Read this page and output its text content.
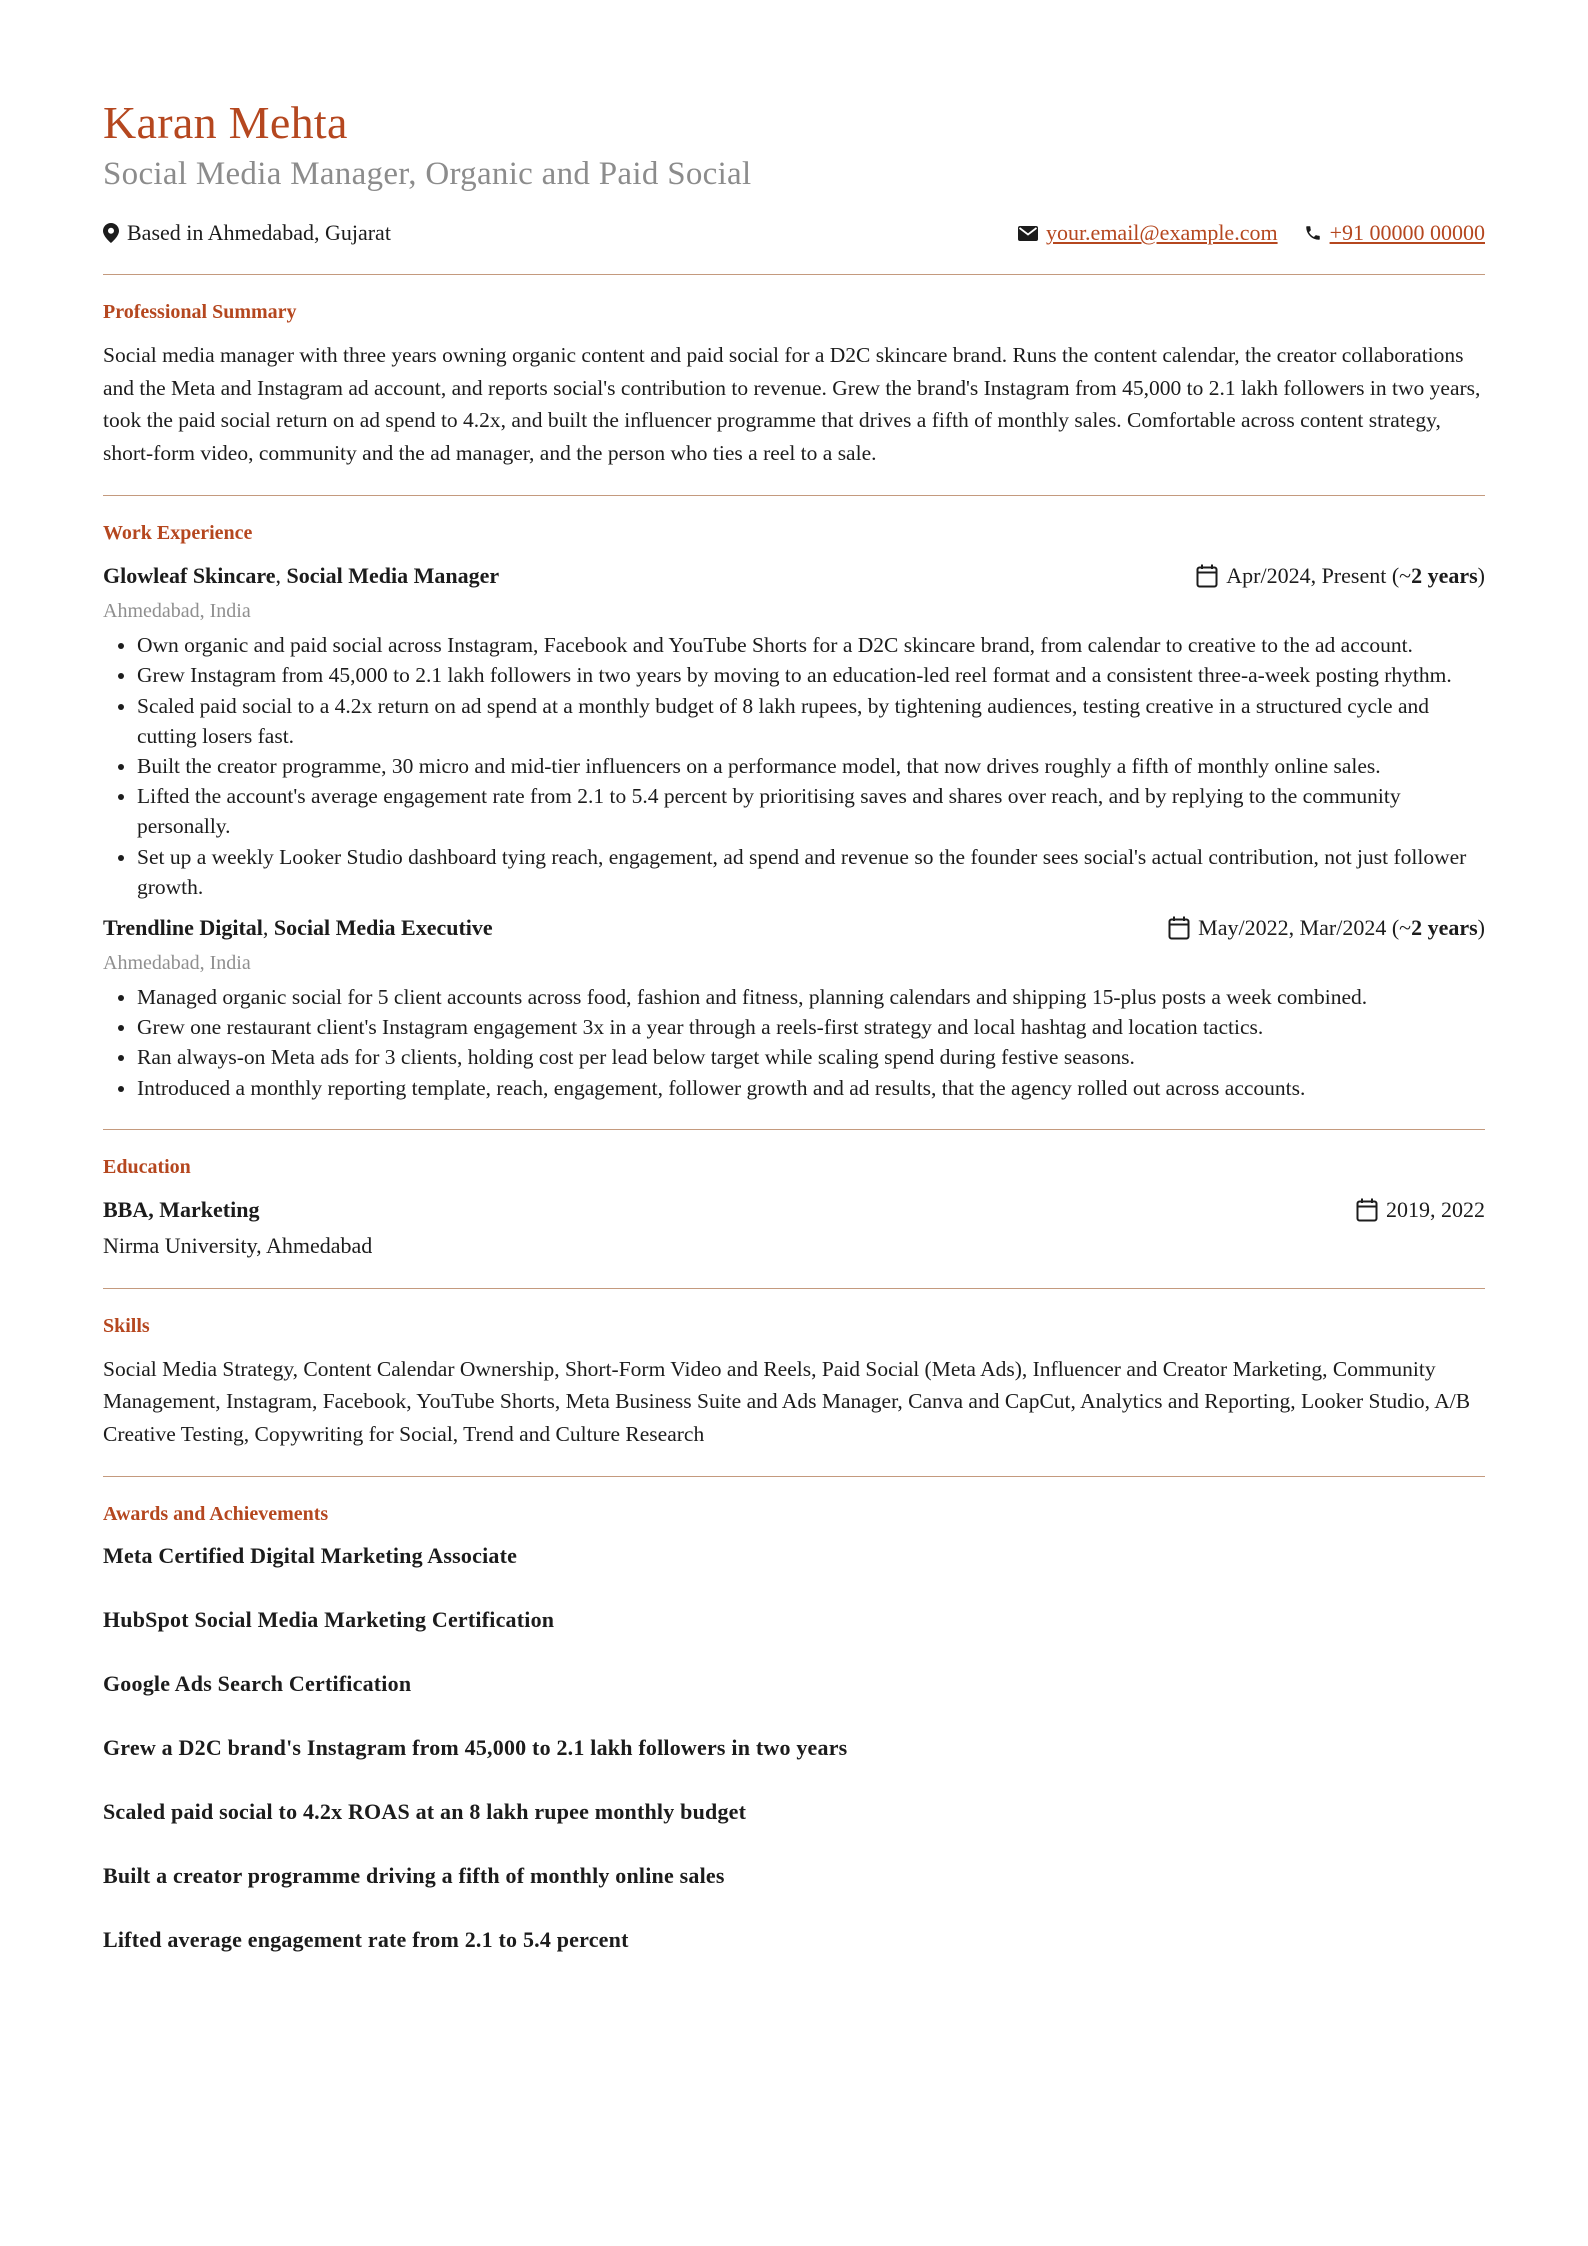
Karan Mehta
Social Media Manager, Organic and Paid Social
Based in Ahmedabad, Gujarat	your.email@example.com +91 00000 00000
Professional Summary

Social media manager with three years owning organic content and paid social for a D2C skincare brand. Runs the content calendar, the creator collaborations and the Meta and Instagram ad account, and reports social's contribution to revenue. Grew the brand's Instagram from 45,000 to 2.1 lakh followers in two years, took the paid social return on ad spend to 4.2x, and built the influencer programme that drives a fifth of monthly sales. Comfortable across content strategy, short-form video, community and the ad manager, and the person who ties a reel to a sale.

Work Experience
Glowleaf Skincare, Social Media Manager	Apr/2024, Present (~ 2 years )
Ahmedabad, India
• Own organic and paid social across Instagram, Facebook and YouTube Shorts for a D2C skincare brand, from calendar to creative to the ad account.
• Grew Instagram from 45,000 to 2.1 lakh followers in two years by moving to an education-led reel format and a consistent three-a-week posting rhythm.
• Scaled paid social to a 4.2x return on ad spend at a monthly budget of 8 lakh rupees, by tightening audiences, testing creative in a structured cycle and cutting losers fast.
• Built the creator programme, 30 micro and mid-tier influencers on a performance model, that now drives roughly a fifth of monthly online sales.
• Lifted the account's average engagement rate from 2.1 to 5.4 percent by prioritising saves and shares over reach, and by replying to the community personally.
• Set up a weekly Looker Studio dashboard tying reach, engagement, ad spend and revenue so the founder sees social's actual contribution, not just follower growth.
Trendline Digital, Social Media Executive	May/2022, Mar/2024 (~ 2 years )
Ahmedabad, India
• Managed organic social for 5 client accounts across food, fashion and fitness, planning calendars and shipping 15-plus posts a week combined.
• Grew one restaurant client's Instagram engagement 3x in a year through a reels-first strategy and local hashtag and location tactics.
• Ran always-on Meta ads for 3 clients, holding cost per lead below target while scaling spend during festive seasons.
• Introduced a monthly reporting template, reach, engagement, follower growth and ad results, that the agency rolled out across accounts.
Education
BBA, Marketing	2019, 2022
Nirma University, Ahmedabad
Skills

Social Media Strategy, Content Calendar Ownership, Short-Form Video and Reels, Paid Social (Meta Ads), Influencer and Creator Marketing, Community Management, Instagram, Facebook, YouTube Shorts, Meta Business Suite and Ads Manager, Canva and CapCut, Analytics and Reporting, Looker Studio, A/B Creative Testing, Copywriting for Social, Trend and Culture Research

Awards and Achievements
Meta Certified Digital Marketing Associate
HubSpot Social Media Marketing Certification
Google Ads Search Certification
Grew a D2C brand's Instagram from 45,000 to 2.1 lakh followers in two years
Scaled paid social to 4.2x ROAS at an 8 lakh rupee monthly budget
Built a creator programme driving a fifth of monthly online sales
Lifted average engagement rate from 2.1 to 5.4 percent
